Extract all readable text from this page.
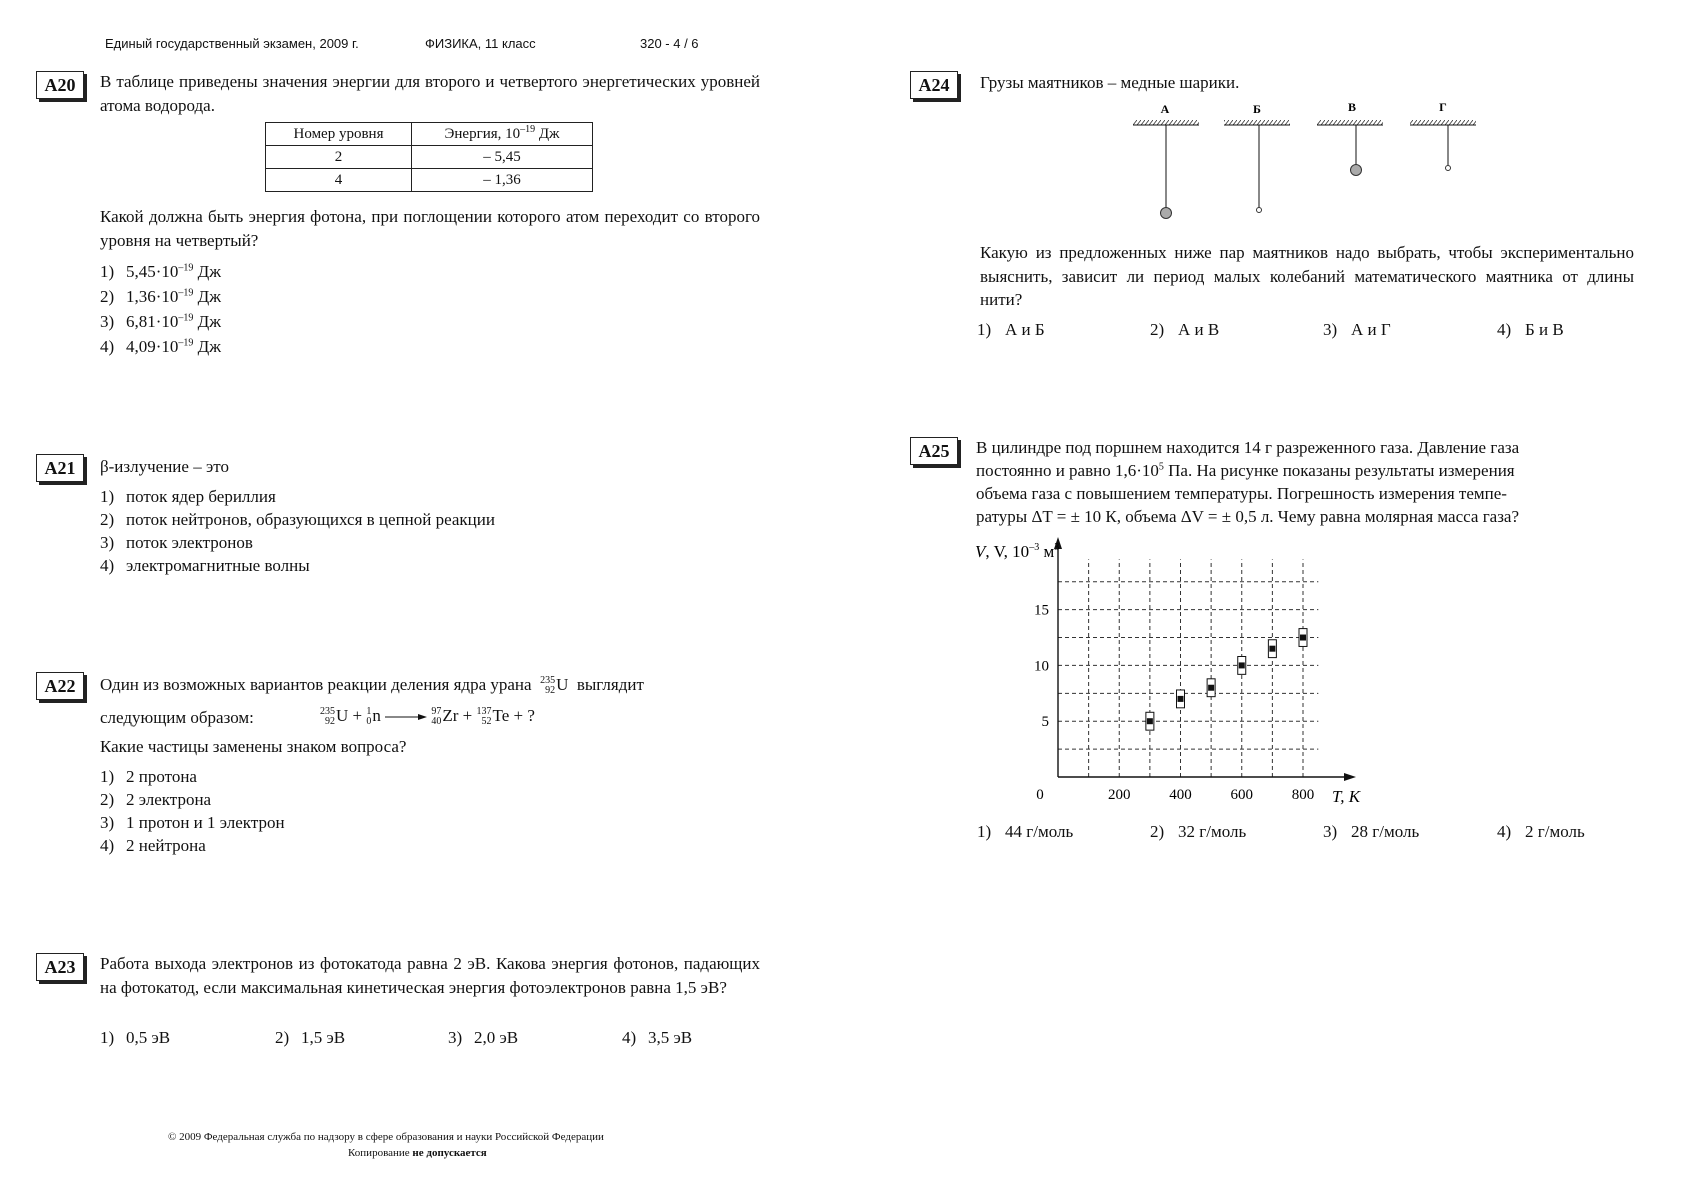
Единый государственный экзамен, 2009 г.	ФИЗИКА, 11 класс	320 - 4 / 6
А20	В таблице приведены значения энергии для второго и четвертого энергетических уровней атома водорода.
Номер уровня	Энергия, $10^{-19}$ Дж
2	– 5,45
4	– 1,36
Какой должна быть энергия фотона, при поглощении которого атом переходит со второго уровня на четвертый?
1) $5,45\cdot 10^{-19}$ Дж
2) $1,36\cdot 10^{-19}$ Дж
3) $6,81\cdot 10^{-19}$ Дж
4) $4,09\cdot 10^{-19}$ Дж
А21	β-излучение – это
1) поток ядер бериллия
2) поток нейтронов, образующихся в цепной реакции
3) поток электронов
4) электромагнитные волны
А22	Один из возможных вариантов реакции деления ядра урана 235
92 U выглядит
следующим образом:	235
92 U + 1
0 n	97
40 Zr + 137
52 Te + ?
Какие частицы заменены знаком вопроса?
1) 2 протона
2) 2 электрона
3) 1 протон и 1 электрон
4) 2 нейтрона
А23	Работа выхода электронов из фотокатода равна 2 эВ. Какова энергия фотонов, падающих на фотокатод, если максимальная кинетическая энергия фотоэлектронов равна 1,5 эВ?
1) 0,5 эВ	2) 1,5 эВ	3) 2,0 эВ	4) 3,5 эВ
А24	Грузы маятников – медные шарики.
А	Б	В	Г
Какую из предложенных ниже пар маятников надо выбрать, чтобы экспериментально выяснить, зависит ли период малых колебаний математического маятника от длины нити?
1) А и Б	2) А и В	3) А и Г	4) Б и В
А25	В цилиндре под поршнем находится 14 г разреженного газа. Давление газа
постоянно и равно $1,6\cdot 10^5$ Па. На рисунке показаны результаты измерения
объема газа с повышением температуры. Погрешность измерения темпе-
ратуры ΔT = ± 10 К, объема ΔV = ± 0,5 л. Чему равна молярная масса газа?
0	200	400	600	800
5
10
15
V, V, $10^{-3}$ $м^3$
T, К
1) 44 г/моль	2) 32 г/моль	3) 28 г/моль	4) 2 г/моль
© 2009 Федеральная служба по надзору в сфере образования и науки Российской Федерации
Копирование не допускается
